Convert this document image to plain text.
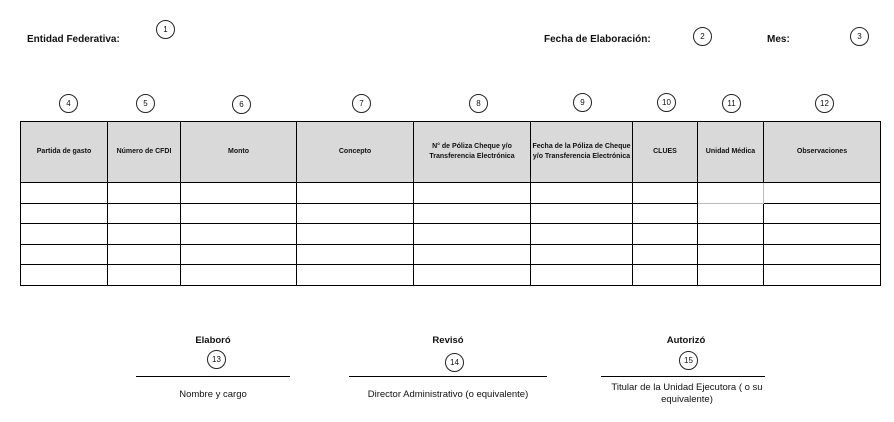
Entidad Federativa:	Fecha de Elaboración:	Mes:
1
2	3
4	5	6	7	8	9	10	11	12
Partida de gasto	Número de CFDI	Monto	Concepto	N° de Póliza Cheque y/o Transferencia Electrónica	Fecha de la Póliza de Cheque y/o Transferencia Electrónica	CLUES	Unidad Médica	Observaciones

Elaboró
13
Nombre y cargo
Revisó
14
Director Administrativo (o equivalente)
Autorizó
15
Titular de la Unidad Ejecutora ( o su equivalente)
